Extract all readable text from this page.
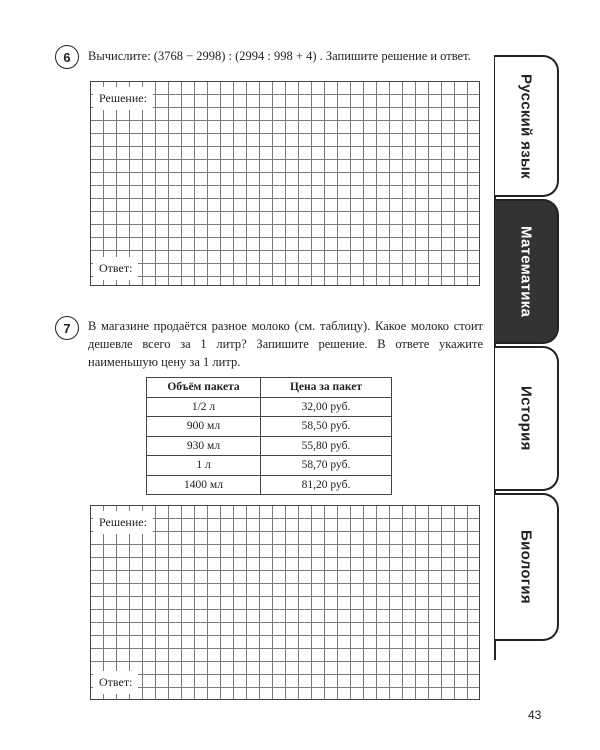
6	Вычислите: (3768 − 2998) : (2994 : 998 + 4) . Запишите решение и ответ.
Решение:
Ответ:
7	В магазине продаётся разное молоко (см. таблицу). Какое молоко стоит дешевле всего за 1 литр? Запишите решение. В ответе укажите наименьшую цену за 1 литр.
Объём пакета	Цена за пакет
1/2 л	32,00 руб.
900 мл	58,50 руб.
930 мл	55,80 руб.
1 л	58,70 руб.
1400 мл	81,20 руб.
Решение:
Ответ:
Русский язык
Математика
История
Биология
43
